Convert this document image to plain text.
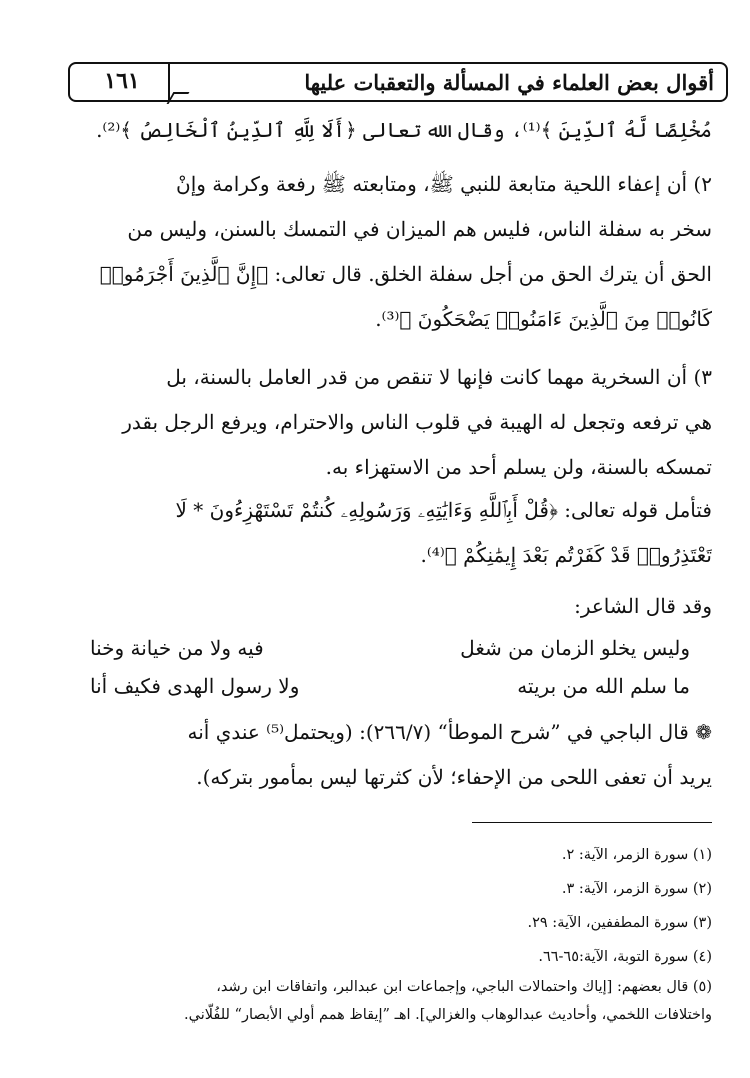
أقوال بعض العلماء في المسألة والتعقبات عليها
١٦١
مُخْلِصًا لَّهُ ٱلدِّينَ ﴾⁽¹⁾، وقال الله تعالى ﴿أَلَا لِلَّهِ ٱلدِّينُ ٱلْخَالِصُ ﴾⁽²⁾.
٢) أن إعفاء اللحية متابعة للنبي ﷺ، ومتابعته ﷺ رفعة وكرامة وإنْ
سخر به سفلة الناس، فليس هم الميزان في التمسك بالسنن، وليس من
الحق أن يترك الحق من أجل سفلة الخلق. قال تعالى: ﴿إِنَّ ٱلَّذِينَ أَجْرَمُوا۟
كَانُوا۟ مِنَ ٱلَّذِينَ ءَامَنُوا۟ يَضْحَكُونَ ﴾⁽³⁾.
٣) أن السخرية مهما كانت فإنها لا تنقص من قدر العامل بالسنة، بل
هي ترفعه وتجعل له الهيبة في قلوب الناس والاحترام، ويرفع الرجل بقدر
تمسكه بالسنة، ولن يسلم أحد من الاستهزاء به.
فتأمل قوله تعالى: ﴿قُلْ أَبِٱللَّهِ وَءَايَٰتِهِۦ وَرَسُولِهِۦ كُنتُمْ تَسْتَهْزِءُونَ * لَا
تَعْتَذِرُوا۟ قَدْ كَفَرْتُم بَعْدَ إِيمَٰنِكُمْ ﴾⁽⁴⁾.
وقد قال الشاعر:
وليس يخلو الزمان من شغل
فيه ولا من خيانة وخنا
ما سلم الله من بريته
ولا رسول الهدى فكيف أنا
❁ قال الباجي في ”شرح الموطأ“ (٢٦٦/٧): (ويحتمل⁽⁵⁾ عندي أنه
يريد أن تعفى اللحى من الإحفاء؛ لأن كثرتها ليس بمأمور بتركه).
(١) سورة الزمر، الآية: ٢.
(٢) سورة الزمر، الآية: ٣.
(٣) سورة المطففين، الآية: ٢٩.
(٤) سورة التوبة، الآية:٦٥-٦٦.
(٥) قال بعضهم: [إياك واحتمالات الباجي، وإجماعات ابن عبدالبر، واتفاقات ابن رشد،
واختلافات اللخمي، وأحاديث عبدالوهاب والغزالي]. اهـ ”إيقاظ همم أولي الأبصار“ للفُلّاني.
